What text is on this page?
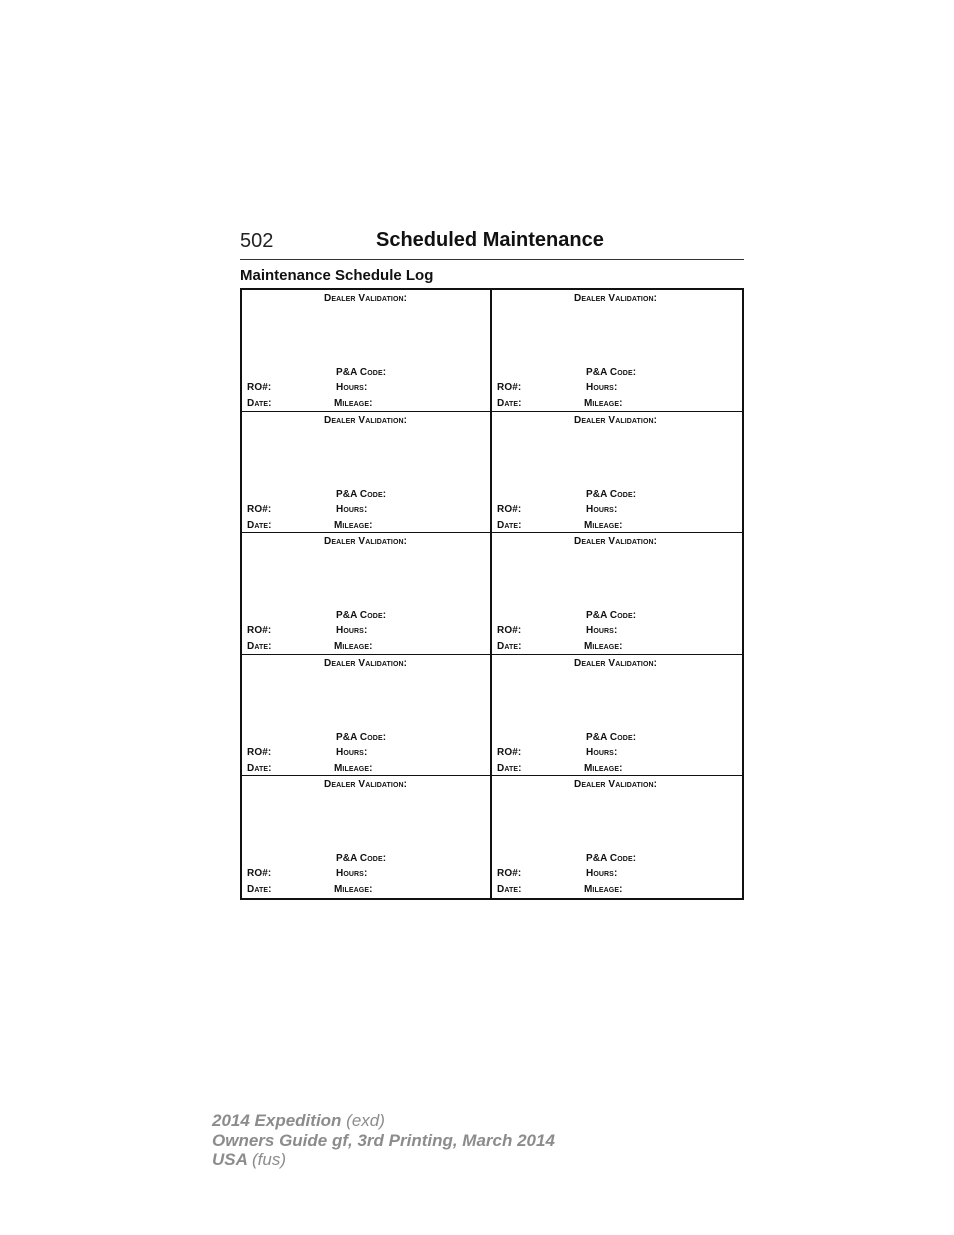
502	Scheduled Maintenance
Maintenance Schedule Log
Dealer Validation:
P&A Code:
RO#:	Hours:
Date:	Mileage:
Dealer Validation:
P&A Code:
RO#:	Hours:
Date:	Mileage:
Dealer Validation:
P&A Code:
RO#:	Hours:
Date:	Mileage:
Dealer Validation:
P&A Code:
RO#:	Hours:
Date:	Mileage:
Dealer Validation:
P&A Code:
RO#:	Hours:
Date:	Mileage:
Dealer Validation:
P&A Code:
RO#:	Hours:
Date:	Mileage:
Dealer Validation:
P&A Code:
RO#:	Hours:
Date:	Mileage:
Dealer Validation:
P&A Code:
RO#:	Hours:
Date:	Mileage:
Dealer Validation:
P&A Code:
RO#:	Hours:
Date:	Mileage:
Dealer Validation:
P&A Code:
RO#:	Hours:
Date:	Mileage:
2014 Expedition (exd)
Owners Guide gf, 3rd Printing, March 2014
USA (fus)
